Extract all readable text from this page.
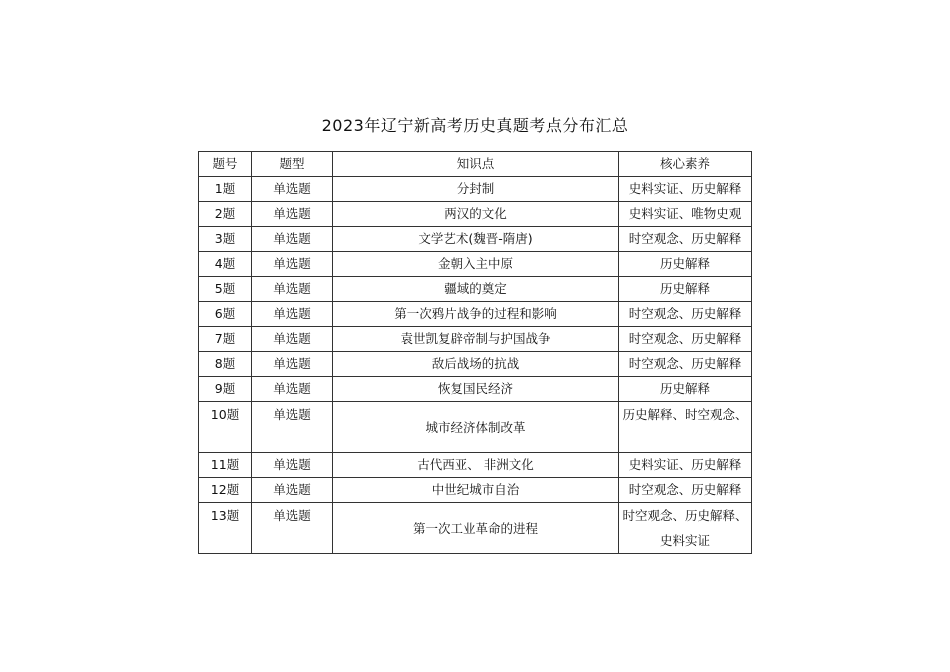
2023年辽宁新高考历史真题考点分布汇总
题号	题型	知识点	核心素养
1题	单选题	分封制	史料实证、历史解释
2题	单选题	两汉的文化	史料实证、唯物史观
3题	单选题	文学艺术(魏晋-隋唐)	时空观念、历史解释
4题	单选题	金朝入主中原	历史解释
5题	单选题	疆域的奠定	历史解释
6题	单选题	第一次鸦片战争的过程和影响	时空观念、历史解释
7题	单选题	袁世凯复辟帝制与护国战争	时空观念、历史解释
8题	单选题	敌后战场的抗战	时空观念、历史解释
9题	单选题	恢复国民经济	历史解释
10题	单选题	城市经济体制改革	历史解释、时空观念、
11题	单选题	古代西亚、 非洲文化	史料实证、历史解释
12题	单选题	中世纪城市自治	时空观念、历史解释
13题	单选题	第一次工业革命的进程	时空观念、历史解释、史料实证
